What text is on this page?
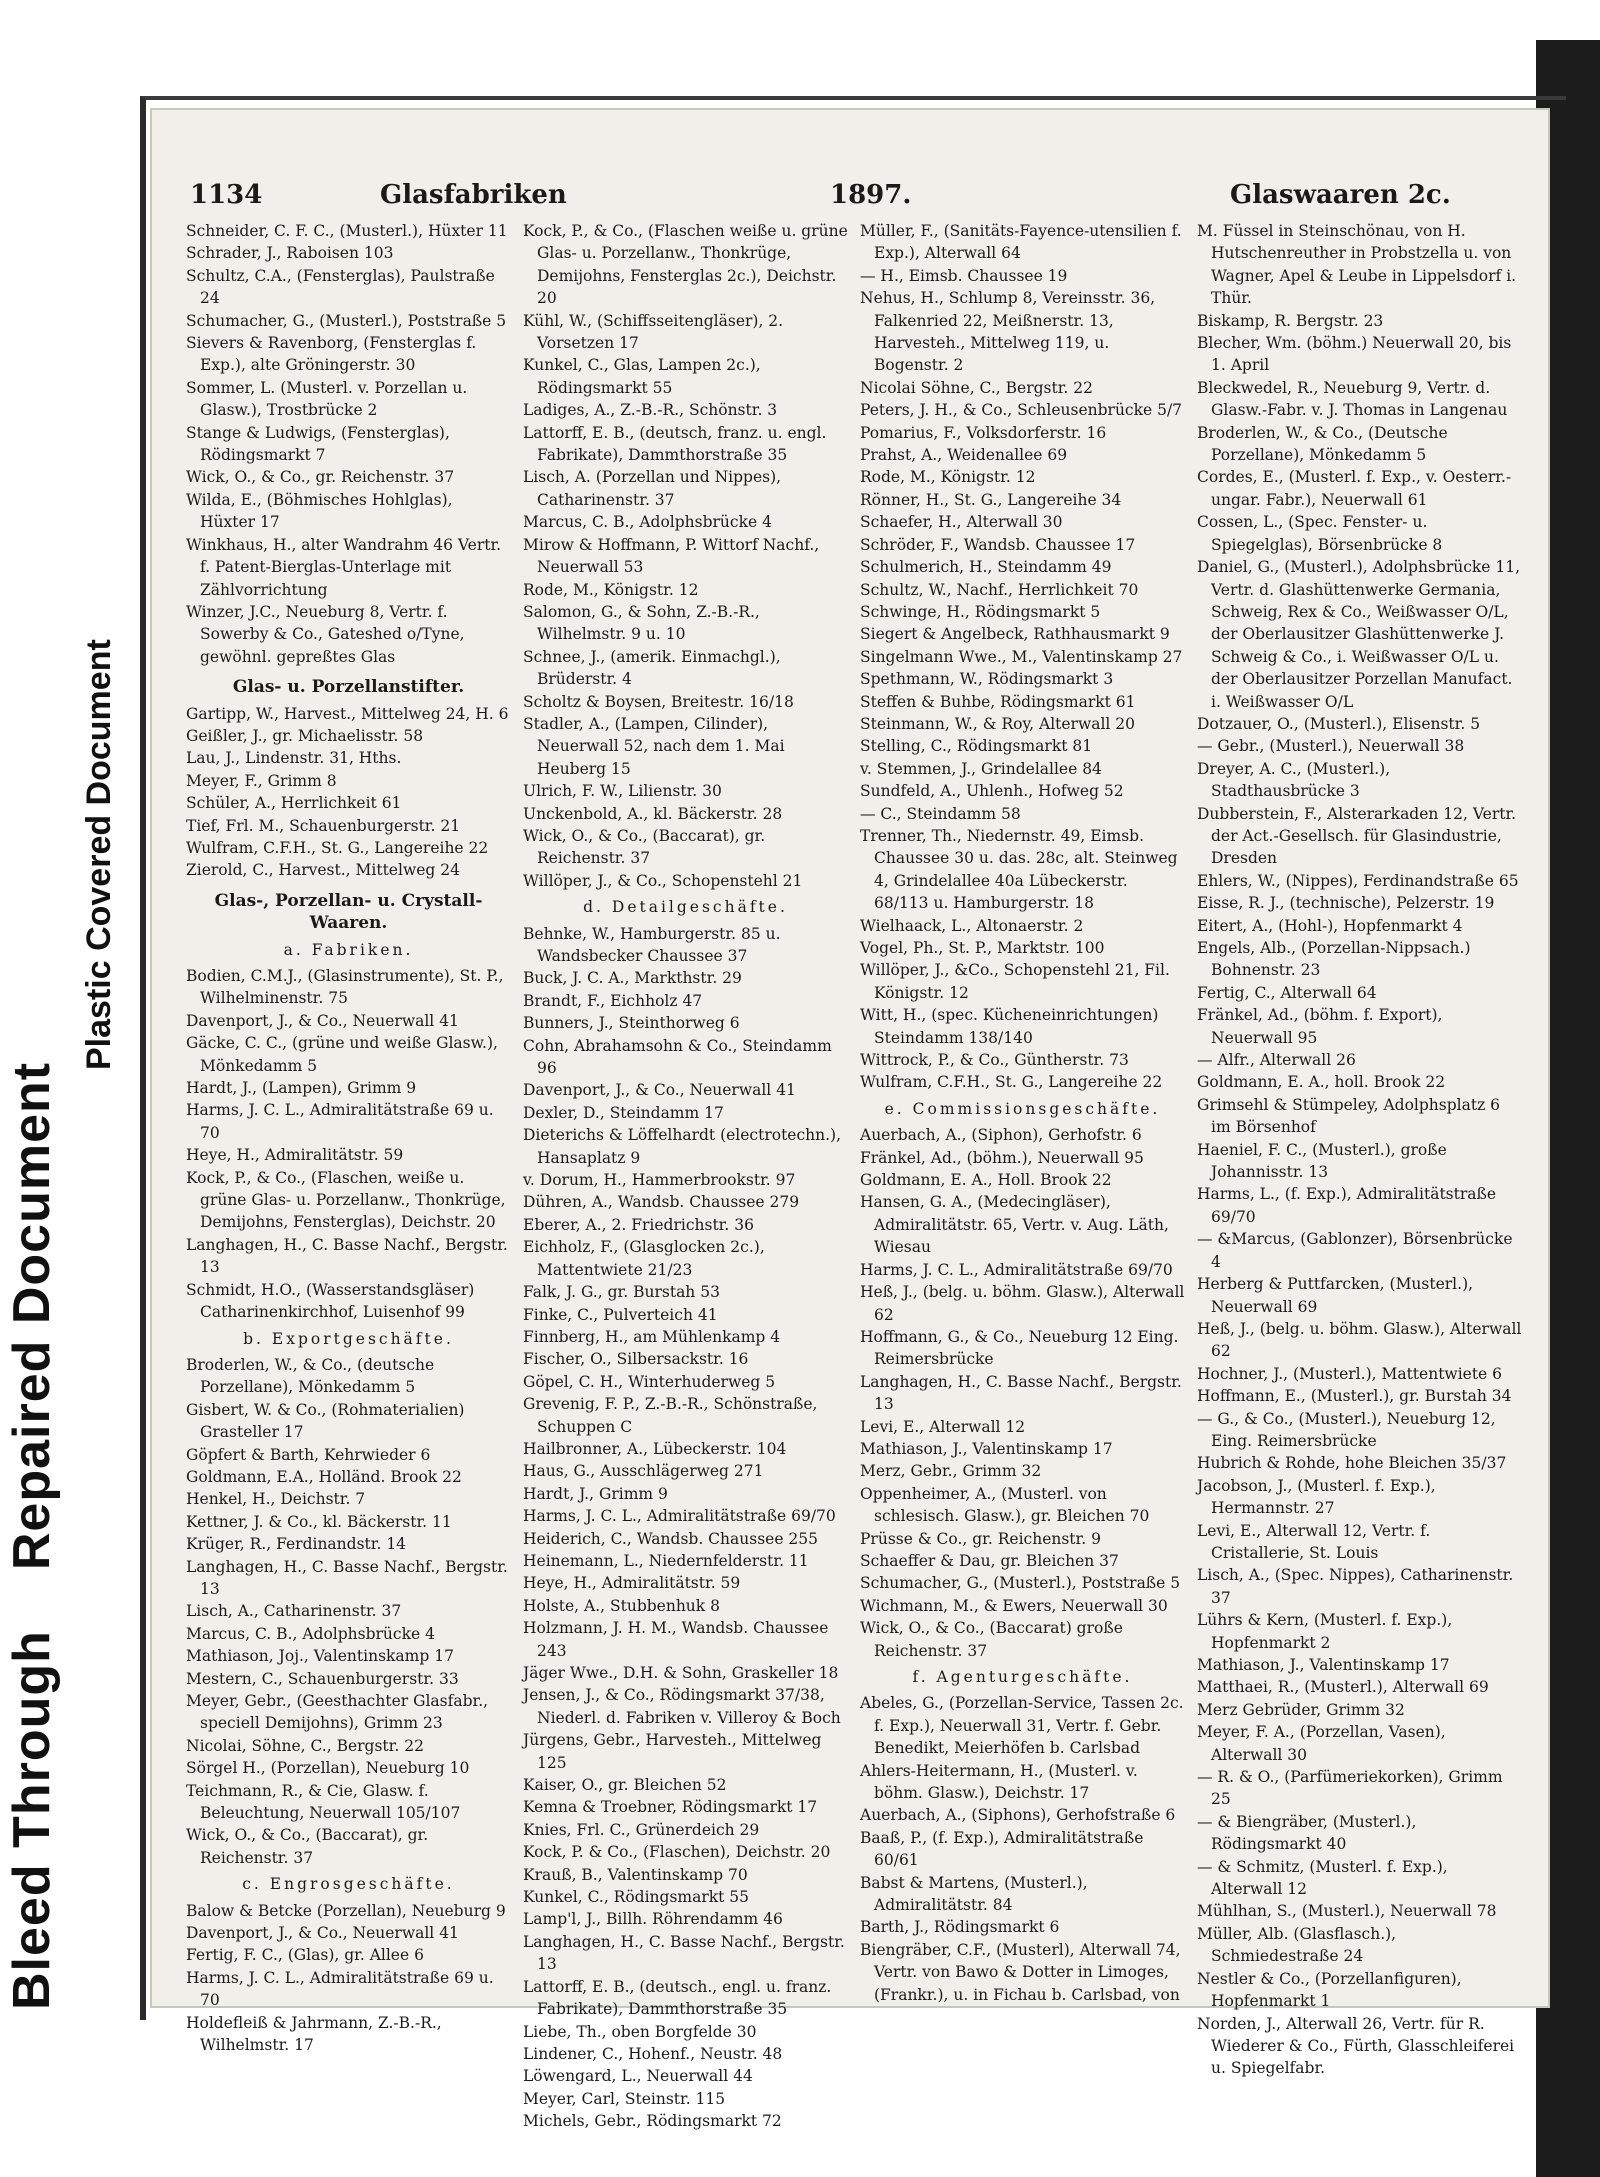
Bleed ThroughRepaired Document
Plastic Covered Document
1134	Glasfabriken	1897.	Glaswaaren 2c.
Schneider, C. F. C., (Musterl.), Hüxter 11
Schrader, J., Raboisen 103
Schultz, C.A., (Fensterglas), Paulstraße 24
Schumacher, G., (Musterl.), Poststraße 5
Sievers & Ravenborg, (Fensterglas f. Exp.), alte Gröningerstr. 30
Sommer, L. (Musterl. v. Porzellan u. Glasw.), Trostbrücke 2
Stange & Ludwigs, (Fensterglas), Rödingsmarkt 7
Wick, O., & Co., gr. Reichenstr. 37
Wilda, E., (Böhmisches Hohlglas), Hüxter 17
Winkhaus, H., alter Wandrahm 46 Vertr. f. Patent-Bierglas-Unterlage mit Zählvorrichtung
Winzer, J.C., Neueburg 8, Vertr. f. Sowerby & Co., Gateshed o/Tyne, gewöhnl. gepreßtes Glas
Glas- u. Porzellanstifter.
Gartipp, W., Harvest., Mittelweg 24, H. 6
Geißler, J., gr. Michaelisstr. 58
Lau, J., Lindenstr. 31, Hths.
Meyer, F., Grimm 8
Schüler, A., Herrlichkeit 61
Tief, Frl. M., Schauenburgerstr. 21
Wulfram, C.F.H., St. G., Langereihe 22
Zierold, C., Harvest., Mittelweg 24
Glas-, Porzellan- u. Crystall-Waaren.
a. Fabriken.
Bodien, C.M.J., (Glasinstrumente), St. P., Wilhelminenstr. 75
Davenport, J., & Co., Neuerwall 41
Gäcke, C. C., (grüne und weiße Glasw.), Mönkedamm 5
Hardt, J., (Lampen), Grimm 9
Harms, J. C. L., Admiralitätstraße 69 u. 70
Heye, H., Admiralitätstr. 59
Kock, P., & Co., (Flaschen, weiße u. grüne Glas- u. Porzellanw., Thonkrüge, Demijohns, Fensterglas), Deichstr. 20
Langhagen, H., C. Basse Nachf., Bergstr. 13
Schmidt, H.O., (Wasserstandsgläser) Catharinenkirchhof, Luisenhof 99
b. Exportgeschäfte.
Broderlen, W., & Co., (deutsche Porzellane), Mönkedamm 5
Gisbert, W. & Co., (Rohmaterialien) Grasteller 17
Göpfert & Barth, Kehrwieder 6
Goldmann, E.A., Holländ. Brook 22
Henkel, H., Deichstr. 7
Kettner, J. & Co., kl. Bäckerstr. 11
Krüger, R., Ferdinandstr. 14
Langhagen, H., C. Basse Nachf., Bergstr. 13
Lisch, A., Catharinenstr. 37
Marcus, C. B., Adolphsbrücke 4
Mathiason, Joj., Valentinskamp 17
Mestern, C., Schauenburgerstr. 33
Meyer, Gebr., (Geesthachter Glasfabr., speciell Demijohns), Grimm 23
Nicolai, Söhne, C., Bergstr. 22
Sörgel H., (Porzellan), Neueburg 10
Teichmann, R., & Cie, Glasw. f. Beleuchtung, Neuerwall 105/107
Wick, O., & Co., (Baccarat), gr. Reichenstr. 37
c. Engrosgeschäfte.
Balow & Betcke (Porzellan), Neueburg 9
Davenport, J., & Co., Neuerwall 41
Fertig, F. C., (Glas), gr. Allee 6
Harms, J. C. L., Admiralitätstraße 69 u. 70
Holdefleiß & Jahrmann, Z.-B.-R., Wilhelmstr. 17
Kock, P., & Co., (Flaschen weiße u. grüne Glas- u. Porzellanw., Thonkrüge, Demijohns, Fensterglas 2c.), Deichstr. 20
Kühl, W., (Schiffsseitengläser), 2. Vorsetzen 17
Kunkel, C., Glas, Lampen 2c.), Rödingsmarkt 55
Ladiges, A., Z.-B.-R., Schönstr. 3
Lattorff, E. B., (deutsch, franz. u. engl. Fabrikate), Dammthorstraße 35
Lisch, A. (Porzellan und Nippes), Catharinenstr. 37
Marcus, C. B., Adolphsbrücke 4
Mirow & Hoffmann, P. Wittorf Nachf., Neuerwall 53
Rode, M., Königstr. 12
Salomon, G., & Sohn, Z.-B.-R., Wilhelmstr. 9 u. 10
Schnee, J., (amerik. Einmachgl.), Brüderstr. 4
Scholtz & Boysen, Breitestr. 16/18
Stadler, A., (Lampen, Cilinder), Neuerwall 52, nach dem 1. Mai Heuberg 15
Ulrich, F. W., Lilienstr. 30
Unckenbold, A., kl. Bäckerstr. 28
Wick, O., & Co., (Baccarat), gr. Reichenstr. 37
Willöper, J., & Co., Schopenstehl 21
d. Detailgeschäfte.
Behnke, W., Hamburgerstr. 85 u. Wandsbecker Chaussee 37
Buck, J. C. A., Markthstr. 29
Brandt, F., Eichholz 47
Bunners, J., Steinthorweg 6
Cohn, Abrahamsohn & Co., Steindamm 96
Davenport, J., & Co., Neuerwall 41
Dexler, D., Steindamm 17
Dieterichs & Löffelhardt (electrotechn.), Hansaplatz 9
v. Dorum, H., Hammerbrookstr. 97
Dühren, A., Wandsb. Chaussee 279
Eberer, A., 2. Friedrichstr. 36
Eichholz, F., (Glasglocken 2c.), Mattentwiete 21/23
Falk, J. G., gr. Burstah 53
Finke, C., Pulverteich 41
Finnberg, H., am Mühlenkamp 4
Fischer, O., Silbersackstr. 16
Göpel, C. H., Winterhuderweg 5
Grevenig, F. P., Z.-B.-R., Schönstraße, Schuppen C
Hailbronner, A., Lübeckerstr. 104
Haus, G., Ausschlägerweg 271
Hardt, J., Grimm 9
Harms, J. C. L., Admiralitätstraße 69/70
Heiderich, C., Wandsb. Chaussee 255
Heinemann, L., Niedernfelderstr. 11
Heye, H., Admiralitätstr. 59
Holste, A., Stubbenhuk 8
Holzmann, J. H. M., Wandsb. Chaussee 243
Jäger Wwe., D.H. & Sohn, Graskeller 18
Jensen, J., & Co., Rödingsmarkt 37/38, Niederl. d. Fabriken v. Villeroy & Boch
Jürgens, Gebr., Harvesteh., Mittelweg 125
Kaiser, O., gr. Bleichen 52
Kemna & Troebner, Rödingsmarkt 17
Knies, Frl. C., Grünerdeich 29
Kock, P. & Co., (Flaschen), Deichstr. 20
Krauß, B., Valentinskamp 70
Kunkel, C., Rödingsmarkt 55
Lamp'l, J., Billh. Röhrendamm 46
Langhagen, H., C. Basse Nachf., Bergstr. 13
Lattorff, E. B., (deutsch., engl. u. franz. Fabrikate), Dammthorstraße 35
Liebe, Th., oben Borgfelde 30
Lindener, C., Hohenf., Neustr. 48
Löwengard, L., Neuerwall 44
Meyer, Carl, Steinstr. 115
Michels, Gebr., Rödingsmarkt 72
Müller, F., (Sanitäts-Fayence-utensilien f. Exp.), Alterwall 64
— H., Eimsb. Chaussee 19
Nehus, H., Schlump 8, Vereinsstr. 36, Falkenried 22, Meißnerstr. 13, Harvesteh., Mittelweg 119, u. Bogenstr. 2
Nicolai Söhne, C., Bergstr. 22
Peters, J. H., & Co., Schleusenbrücke 5/7
Pomarius, F., Volksdorferstr. 16
Prahst, A., Weidenallee 69
Rode, M., Königstr. 12
Rönner, H., St. G., Langereihe 34
Schaefer, H., Alterwall 30
Schröder, F., Wandsb. Chaussee 17
Schulmerich, H., Steindamm 49
Schultz, W., Nachf., Herrlichkeit 70
Schwinge, H., Rödingsmarkt 5
Siegert & Angelbeck, Rathhausmarkt 9
Singelmann Wwe., M., Valentinskamp 27
Spethmann, W., Rödingsmarkt 3
Steffen & Buhbe, Rödingsmarkt 61
Steinmann, W., & Roy, Alterwall 20
Stelling, C., Rödingsmarkt 81
v. Stemmen, J., Grindelallee 84
Sundfeld, A., Uhlenh., Hofweg 52
— C., Steindamm 58
Trenner, Th., Niedernstr. 49, Eimsb. Chaussee 30 u. das. 28c, alt. Steinweg 4, Grindelallee 40a Lübeckerstr. 68/113 u. Hamburgerstr. 18
Wielhaack, L., Altonaerstr. 2
Vogel, Ph., St. P., Marktstr. 100
Willöper, J., &Co., Schopenstehl 21, Fil. Königstr. 12
Witt, H., (spec. Kücheneinrichtungen) Steindamm 138/140
Wittrock, P., & Co., Güntherstr. 73
Wulfram, C.F.H., St. G., Langereihe 22
e. Commissionsgeschäfte.
Auerbach, A., (Siphon), Gerhofstr. 6
Fränkel, Ad., (böhm.), Neuerwall 95
Goldmann, E. A., Holl. Brook 22
Hansen, G. A., (Medecingläser), Admiralitätstr. 65, Vertr. v. Aug. Läth, Wiesau
Harms, J. C. L., Admiralitätstraße 69/70
Heß, J., (belg. u. böhm. Glasw.), Alterwall 62
Hoffmann, G., & Co., Neueburg 12 Eing. Reimersbrücke
Langhagen, H., C. Basse Nachf., Bergstr. 13
Levi, E., Alterwall 12
Mathiason, J., Valentinskamp 17
Merz, Gebr., Grimm 32
Oppenheimer, A., (Musterl. von schlesisch. Glasw.), gr. Bleichen 70
Prüsse & Co., gr. Reichenstr. 9
Schaeffer & Dau, gr. Bleichen 37
Schumacher, G., (Musterl.), Poststraße 5
Wichmann, M., & Ewers, Neuerwall 30
Wick, O., & Co., (Baccarat) große Reichenstr. 37
f. Agenturgeschäfte.
Abeles, G., (Porzellan-Service, Tassen 2c. f. Exp.), Neuerwall 31, Vertr. f. Gebr. Benedikt, Meierhöfen b. Carlsbad
Ahlers-Heitermann, H., (Musterl. v. böhm. Glasw.), Deichstr. 17
Auerbach, A., (Siphons), Gerhofstraße 6
Baaß, P., (f. Exp.), Admiralitätstraße 60/61
Babst & Martens, (Musterl.), Admiralitätstr. 84
Barth, J., Rödingsmarkt 6
Biengräber, C.F., (Musterl), Alterwall 74, Vertr. von Bawo & Dotter in Limoges, (Frankr.), u. in Fichau b. Carlsbad, von
M. Füssel in Steinschönau, von H. Hutschenreuther in Probstzella u. von Wagner, Apel & Leube in Lippelsdorf i. Thür.
Biskamp, R. Bergstr. 23
Blecher, Wm. (böhm.) Neuerwall 20, bis 1. April
Bleckwedel, R., Neueburg 9, Vertr. d. Glasw.-Fabr. v. J. Thomas in Langenau
Broderlen, W., & Co., (Deutsche Porzellane), Mönkedamm 5
Cordes, E., (Musterl. f. Exp., v. Oesterr.-ungar. Fabr.), Neuerwall 61
Cossen, L., (Spec. Fenster- u. Spiegelglas), Börsenbrücke 8
Daniel, G., (Musterl.), Adolphsbrücke 11, Vertr. d. Glashüttenwerke Germania, Schweig, Rex & Co., Weißwasser O/L, der Oberlausitzer Glashüttenwerke J. Schweig & Co., i. Weißwasser O/L u. der Oberlausitzer Porzellan Manufact. i. Weißwasser O/L
Dotzauer, O., (Musterl.), Elisenstr. 5
— Gebr., (Musterl.), Neuerwall 38
Dreyer, A. C., (Musterl.), Stadthausbrücke 3
Dubberstein, F., Alsterarkaden 12, Vertr. der Act.-Gesellsch. für Glasindustrie, Dresden
Ehlers, W., (Nippes), Ferdinandstraße 65
Eisse, R. J., (technische), Pelzerstr. 19
Eitert, A., (Hohl-), Hopfenmarkt 4
Engels, Alb., (Porzellan-Nippsach.) Bohnenstr. 23
Fertig, C., Alterwall 64
Fränkel, Ad., (böhm. f. Export), Neuerwall 95
— Alfr., Alterwall 26
Goldmann, E. A., holl. Brook 22
Grimsehl & Stümpeley, Adolphsplatz 6 im Börsenhof
Haeniel, F. C., (Musterl.), große Johannisstr. 13
Harms, L., (f. Exp.), Admiralitätstraße 69/70
— &Marcus, (Gablonzer), Börsenbrücke 4
Herberg & Puttfarcken, (Musterl.), Neuerwall 69
Heß, J., (belg. u. böhm. Glasw.), Alterwall 62
Hochner, J., (Musterl.), Mattentwiete 6
Hoffmann, E., (Musterl.), gr. Burstah 34
— G., & Co., (Musterl.), Neueburg 12, Eing. Reimersbrücke
Hubrich & Rohde, hohe Bleichen 35/37
Jacobson, J., (Musterl. f. Exp.), Hermannstr. 27
Levi, E., Alterwall 12, Vertr. f. Cristallerie, St. Louis
Lisch, A., (Spec. Nippes), Catharinenstr. 37
Lührs & Kern, (Musterl. f. Exp.), Hopfenmarkt 2
Mathiason, J., Valentinskamp 17
Matthaei, R., (Musterl.), Alterwall 69
Merz Gebrüder, Grimm 32
Meyer, F. A., (Porzellan, Vasen), Alterwall 30
— R. & O., (Parfümeriekorken), Grimm 25
— & Biengräber, (Musterl.), Rödingsmarkt 40
— & Schmitz, (Musterl. f. Exp.), Alterwall 12
Mühlhan, S., (Musterl.), Neuerwall 78
Müller, Alb. (Glasflasch.), Schmiedestraße 24
Nestler & Co., (Porzellanfiguren), Hopfenmarkt 1
Norden, J., Alterwall 26, Vertr. für R. Wiederer & Co., Fürth, Glasschleiferei u. Spiegelfabr.
